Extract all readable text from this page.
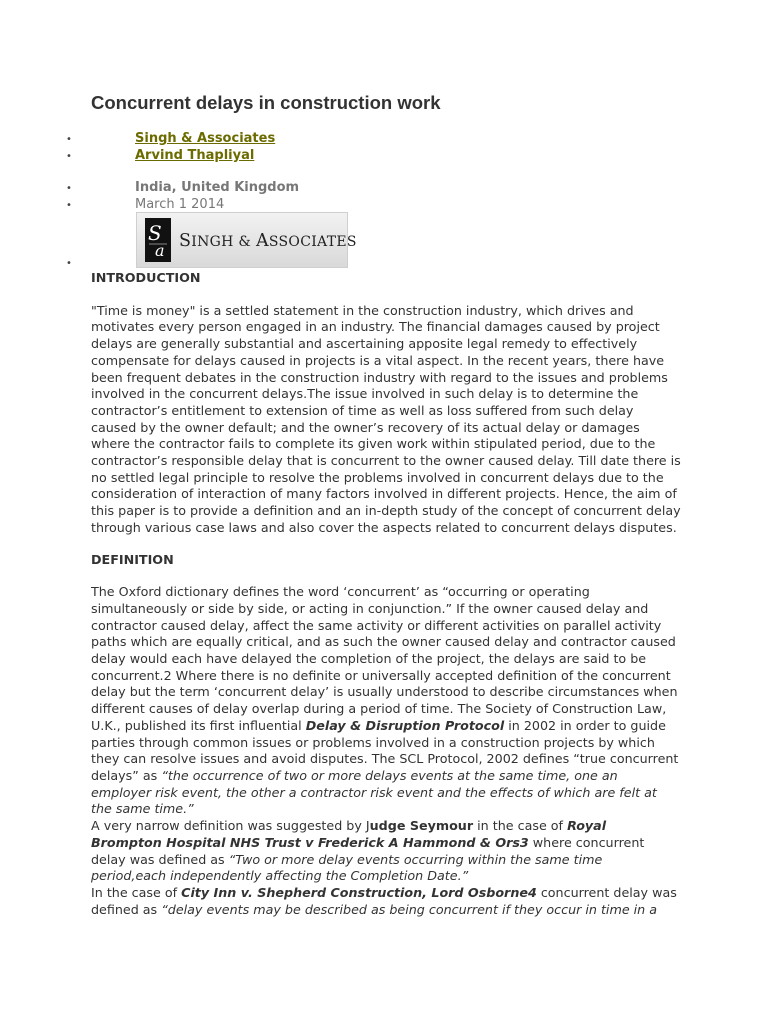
Concurrent delays in construction work
•
Singh & Associates
•
Arvind Thapliyal
•
India, United Kingdom
•
March 1 2014
S
a SINGH & ASSOCIATES
•
INTRODUCTION

"Time is money" is a settled statement in the construction industry, which drives and motivates every person engaged in an industry. The financial damages caused by project delays are generally substantial and ascertaining apposite legal remedy to effectively compensate for delays caused in projects is a vital aspect. In the recent years, there have been frequent debates in the construction industry with regard to the issues and problems involved in the concurrent delays.The issue involved in such delay is to determine the contractor’s entitlement to extension of time as well as loss suffered from such delay caused by the owner default; and the owner’s recovery of its actual delay or damages where the contractor fails to complete its given work within stipulated period, due to the contractor’s responsible delay that is concurrent to the owner caused delay. Till date there is no settled legal principle to resolve the problems involved in concurrent delays due to the consideration of interaction of many factors involved in different projects. Hence, the aim of this paper is to provide a definition and an in-depth study of the concept of concurrent delay through various case laws and also cover the aspects related to concurrent delays disputes.

DEFINITION

The Oxford dictionary defines the word ‘concurrent’ as “occurring or operating simultaneously or side by side, or acting in conjunction.” If the owner caused delay and contractor caused delay, affect the same activity or different activities on parallel activity paths which are equally critical, and as such the owner caused delay and contractor caused delay would each have delayed the completion of the project, the delays are said to be concurrent.2 Where there is no definite or universally accepted definition of the concurrent delay but the term ‘concurrent delay’ is usually understood to describe circumstances when different causes of delay overlap during a period of time. The Society of Construction Law, U.K., published its first influential Delay & Disruption Protocol in 2002 in order to guide parties through common issues or problems involved in a construction projects by which they can resolve issues and avoid disputes. The SCL Protocol, 2002 defines “true concurrent delays” as “the occurrence of two or more delays events at the same time, one an employer risk event, the other a contractor risk event and the effects of which are felt at the same time.”

A very narrow definition was suggested by Judge Seymour in the case of Royal Brompton Hospital NHS Trust v Frederick A Hammond & Ors3 where concurrent delay was defined as “Two or more delay events occurring within the same time period,each independently affecting the Completion Date.”

In the case of City Inn v. Shepherd Construction, Lord Osborne4 concurrent delay was defined as “delay events may be described as being concurrent if they occur in time in a
